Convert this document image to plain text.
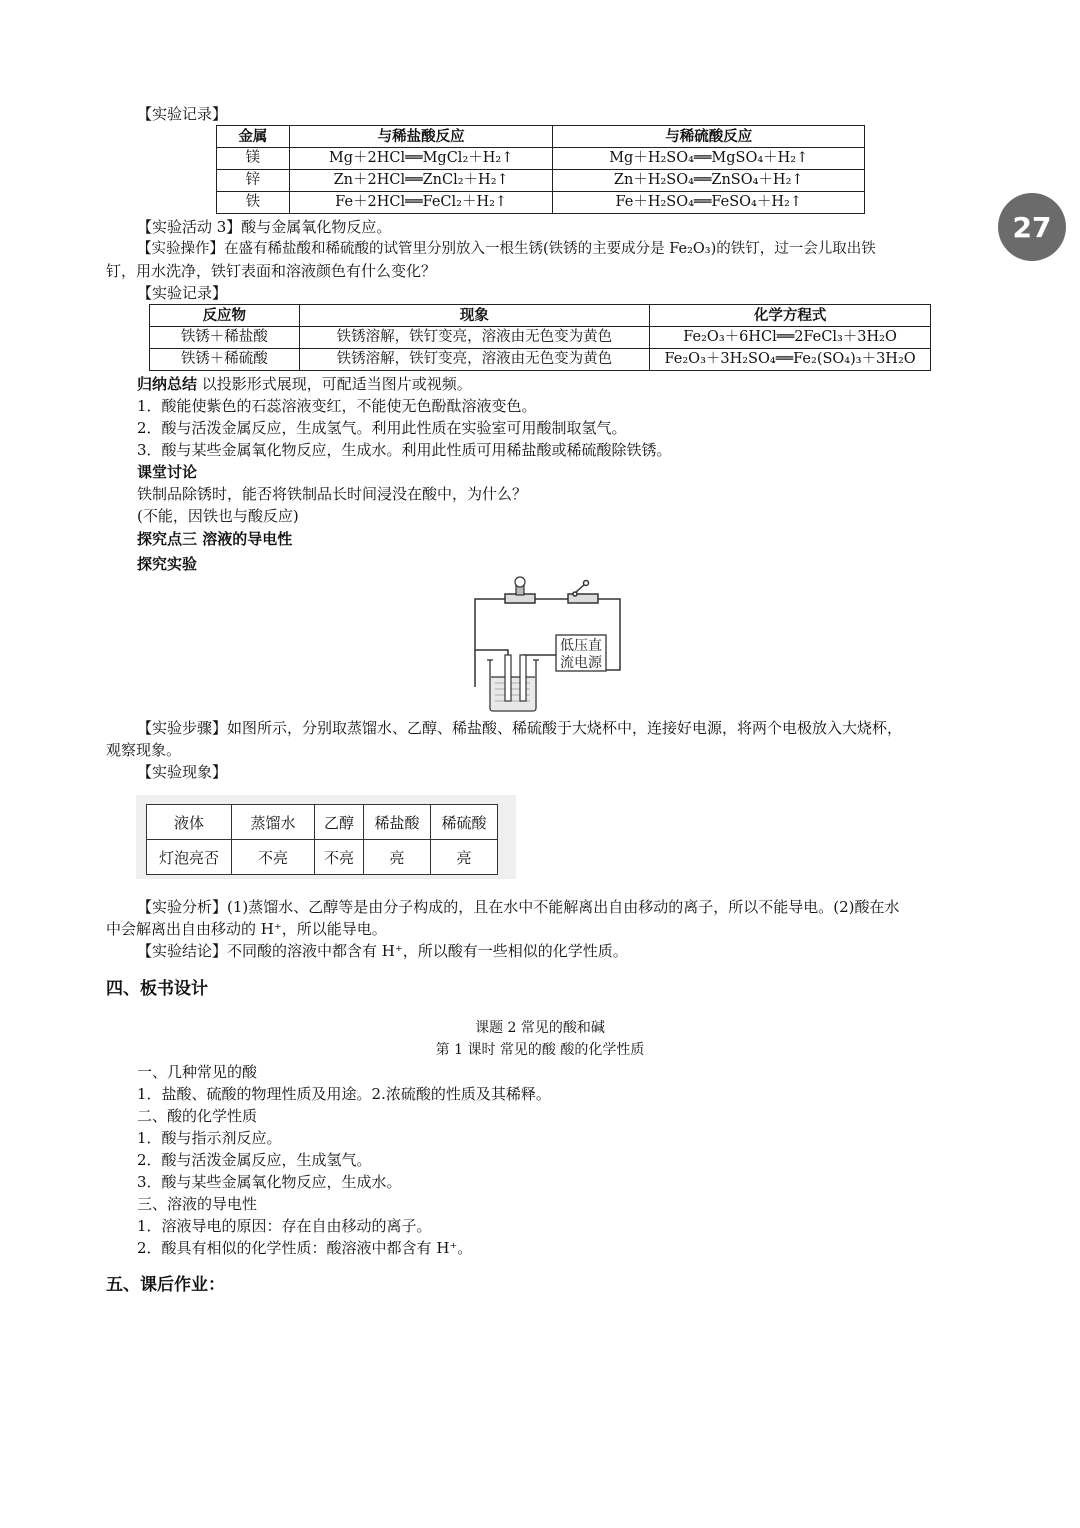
27
【实验记录】
金属	与稀盐酸反应	与稀硫酸反应
镁	Mg＋2HCl══MgCl₂＋H₂↑	Mg＋H₂SO₄══MgSO₄＋H₂↑
锌	Zn＋2HCl══ZnCl₂＋H₂↑	Zn＋H₂SO₄══ZnSO₄＋H₂↑
铁	Fe＋2HCl══FeCl₂＋H₂↑	Fe＋H₂SO₄══FeSO₄＋H₂↑
【实验活动 3】酸与金属氧化物反应。
【实验操作】在盛有稀盐酸和稀硫酸的试管里分别放入一根生锈(铁锈的主要成分是 Fe₂O₃)的铁钉，过一会儿取出铁
钉，用水洗净，铁钉表面和溶液颜色有什么变化？
【实验记录】
反应物	现象	化学方程式
铁锈＋稀盐酸	铁锈溶解，铁钉变亮，溶液由无色变为黄色	Fe₂O₃＋6HCl══2FeCl₃＋3H₂O
铁锈＋稀硫酸	铁锈溶解，铁钉变亮，溶液由无色变为黄色	Fe₂O₃＋3H₂SO₄══Fe₂(SO₄)₃＋3H₂O
归纳总结 以投影形式展现，可配适当图片或视频。
1．酸能使紫色的石蕊溶液变红，不能使无色酚酞溶液变色。
2．酸与活泼金属反应，生成氢气。利用此性质在实验室可用酸制取氢气。
3．酸与某些金属氧化物反应，生成水。利用此性质可用稀盐酸或稀硫酸除铁锈。
课堂讨论
铁制品除锈时，能否将铁制品长时间浸没在酸中，为什么？
(不能，因铁也与酸反应)
探究点三 溶液的导电性
探究实验
低压直
流电源
【实验步骤】如图所示，分别取蒸馏水、乙醇、稀盐酸、稀硫酸于大烧杯中，连接好电源，将两个电极放入大烧杯，
观察现象。
【实验现象】
液体	蒸馏水	乙醇	稀盐酸	稀硫酸
灯泡亮否	不亮	不亮	亮	亮
【实验分析】(1)蒸馏水、乙醇等是由分子构成的，且在水中不能解离出自由移动的离子，所以不能导电。(2)酸在水
中会解离出自由移动的 H⁺，所以能导电。
【实验结论】不同酸的溶液中都含有 H⁺，所以酸有一些相似的化学性质。
四、板书设计
课题 2 常见的酸和碱
第 1 课时 常见的酸 酸的化学性质
一、几种常见的酸
1．盐酸、硫酸的物理性质及用途。2.浓硫酸的性质及其稀释。
二、酸的化学性质
1．酸与指示剂反应。
2．酸与活泼金属反应，生成氢气。
3．酸与某些金属氧化物反应，生成水。
三、溶液的导电性
1．溶液导电的原因：存在自由移动的离子。
2．酸具有相似的化学性质：酸溶液中都含有 H⁺。
五、课后作业：
